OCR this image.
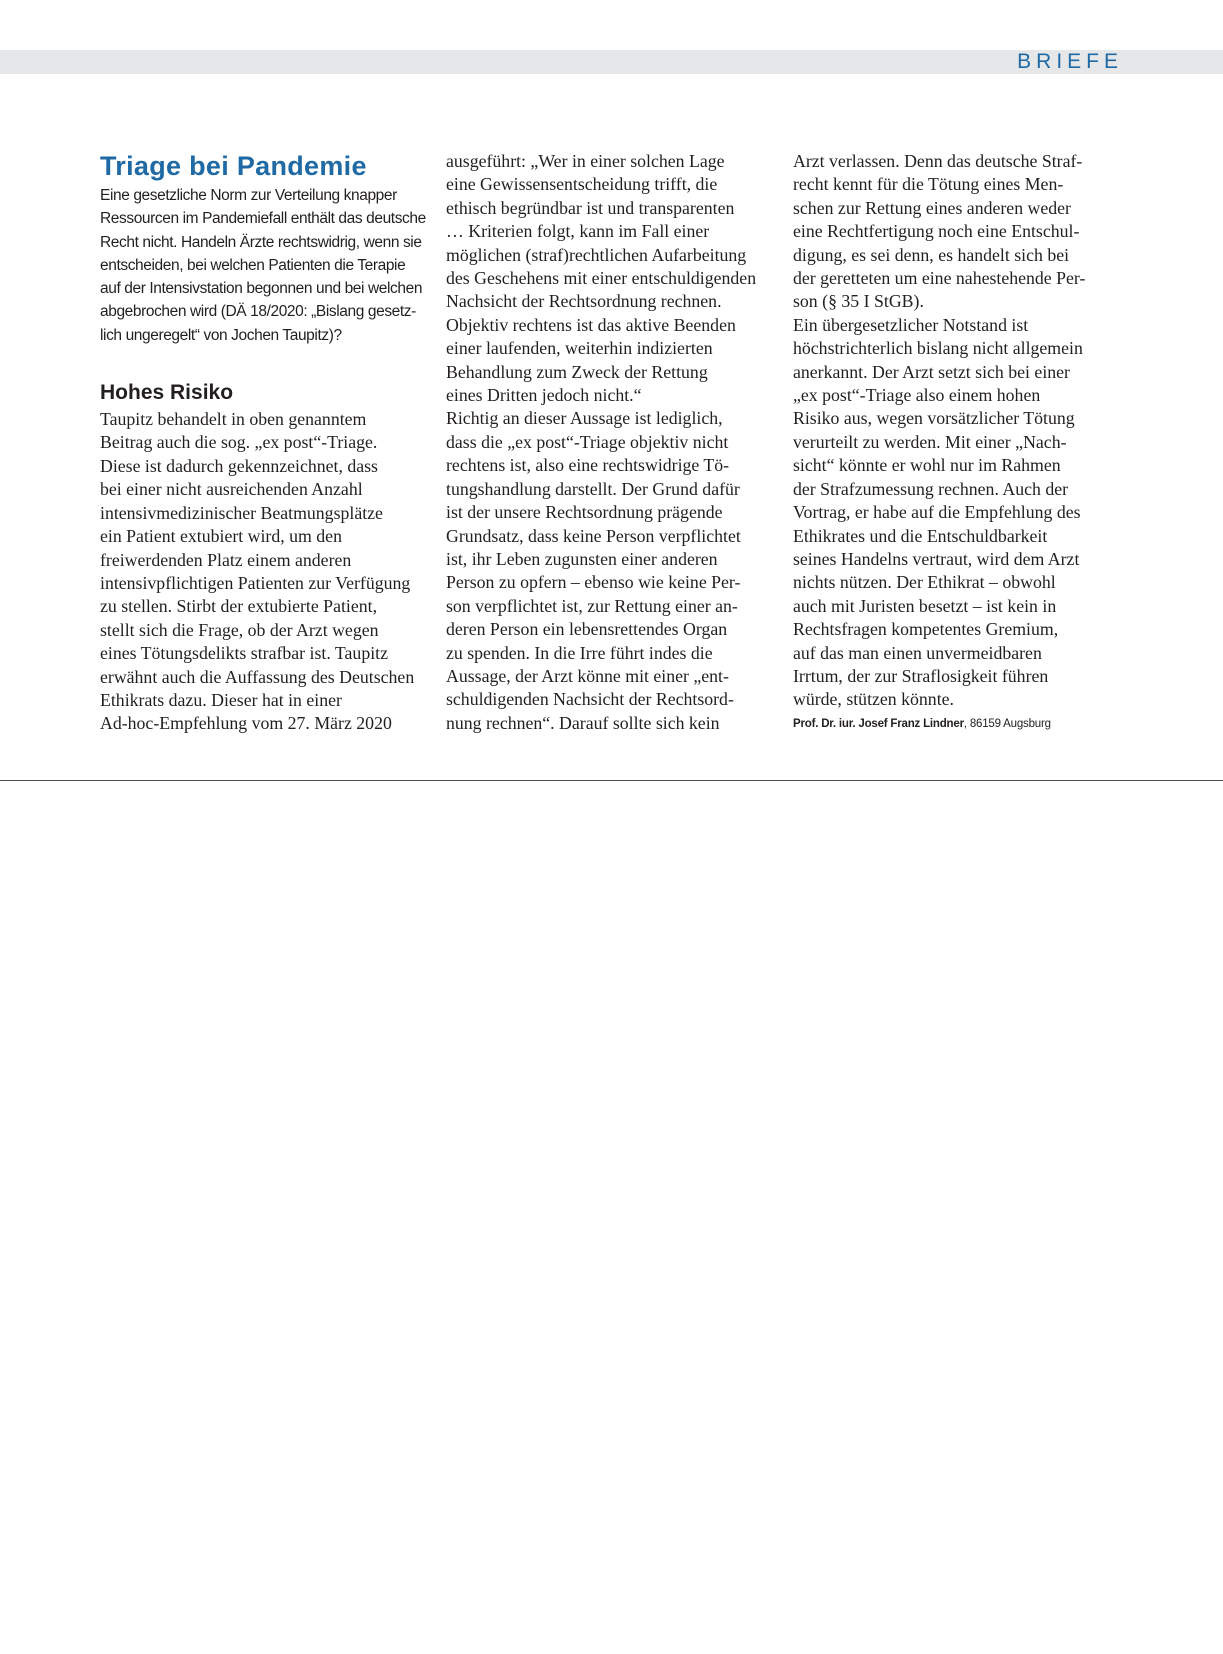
BRIEFE
Triage bei Pandemie

Eine gesetzliche Norm zur Verteilung knapper
Ressourcen im Pandemiefall enthält das deutsche
Recht nicht. Handeln Ärzte rechtswidrig, wenn sie
entscheiden, bei welchen Patienten die Terapie
auf der Intensivstation begonnen und bei welchen
abgebrochen wird (DÄ 18/2020: „Bislang gesetz-
lich ungeregelt“ von Jochen Taupitz)?

Hohes Risiko

Taupitz behandelt in oben genanntem
Beitrag auch die sog. „ex post“-Triage.
Diese ist dadurch gekennzeichnet, dass
bei einer nicht ausreichenden Anzahl
intensivmedizinischer Beatmungsplätze
ein Patient extubiert wird, um den
freiwerdenden Platz einem anderen
intensivpflichtigen Patienten zur Verfügung
zu stellen. Stirbt der extubierte Patient,
stellt sich die Frage, ob der Arzt wegen
eines Tötungsdelikts strafbar ist. Taupitz
erwähnt auch die Auffassung des Deutschen
Ethikrats dazu. Dieser hat in einer
Ad-hoc-Empfehlung vom 27. März 2020

ausgeführt: „Wer in einer solchen Lage
eine Gewissensentscheidung trifft, die
ethisch begründbar ist und transparenten
… Kriterien folgt, kann im Fall einer
möglichen (straf)rechtlichen Aufarbeitung
des Geschehens mit einer entschuldigenden
Nachsicht der Rechtsordnung rechnen.
Objektiv rechtens ist das aktive Beenden
einer laufenden, weiterhin indizierten
Behandlung zum Zweck der Rettung
eines Dritten jedoch nicht.“
Richtig an dieser Aussage ist lediglich,
dass die „ex post“-Triage objektiv nicht
rechtens ist, also eine rechtswidrige Tö-
tungshandlung darstellt. Der Grund dafür
ist der unsere Rechtsordnung prägende
Grundsatz, dass keine Person verpflichtet
ist, ihr Leben zugunsten einer anderen
Person zu opfern – ebenso wie keine Per-
son verpflichtet ist, zur Rettung einer an-
deren Person ein lebensrettendes Organ
zu spenden. In die Irre führt indes die
Aussage, der Arzt könne mit einer „ent-
schuldigenden Nachsicht der Rechtsord-
nung rechnen“. Darauf sollte sich kein

Arzt verlassen. Denn das deutsche Straf-
recht kennt für die Tötung eines Men-
schen zur Rettung eines anderen weder
eine Rechtfertigung noch eine Entschul-
digung, es sei denn, es handelt sich bei
der geretteten um eine nahestehende Per-
son (§ 35 I StGB).
Ein übergesetzlicher Notstand ist
höchstrichterlich bislang nicht allgemein
anerkannt. Der Arzt setzt sich bei einer
„ex post“-Triage also einem hohen
Risiko aus, wegen vorsätzlicher Tötung
verurteilt zu werden. Mit einer „Nach-
sicht“ könnte er wohl nur im Rahmen
der Strafzumessung rechnen. Auch der
Vortrag, er habe auf die Empfehlung des
Ethikrates und die Entschuldbarkeit
seines Handelns vertraut, wird dem Arzt
nichts nützen. Der Ethikrat – obwohl
auch mit Juristen besetzt – ist kein in
Rechtsfragen kompetentes Gremium,
auf das man einen unvermeidbaren
Irrtum, der zur Straflosigkeit führen
würde, stützen könnte.

Prof. Dr. iur. Josef Franz Lindner, 86159 Augsburg
